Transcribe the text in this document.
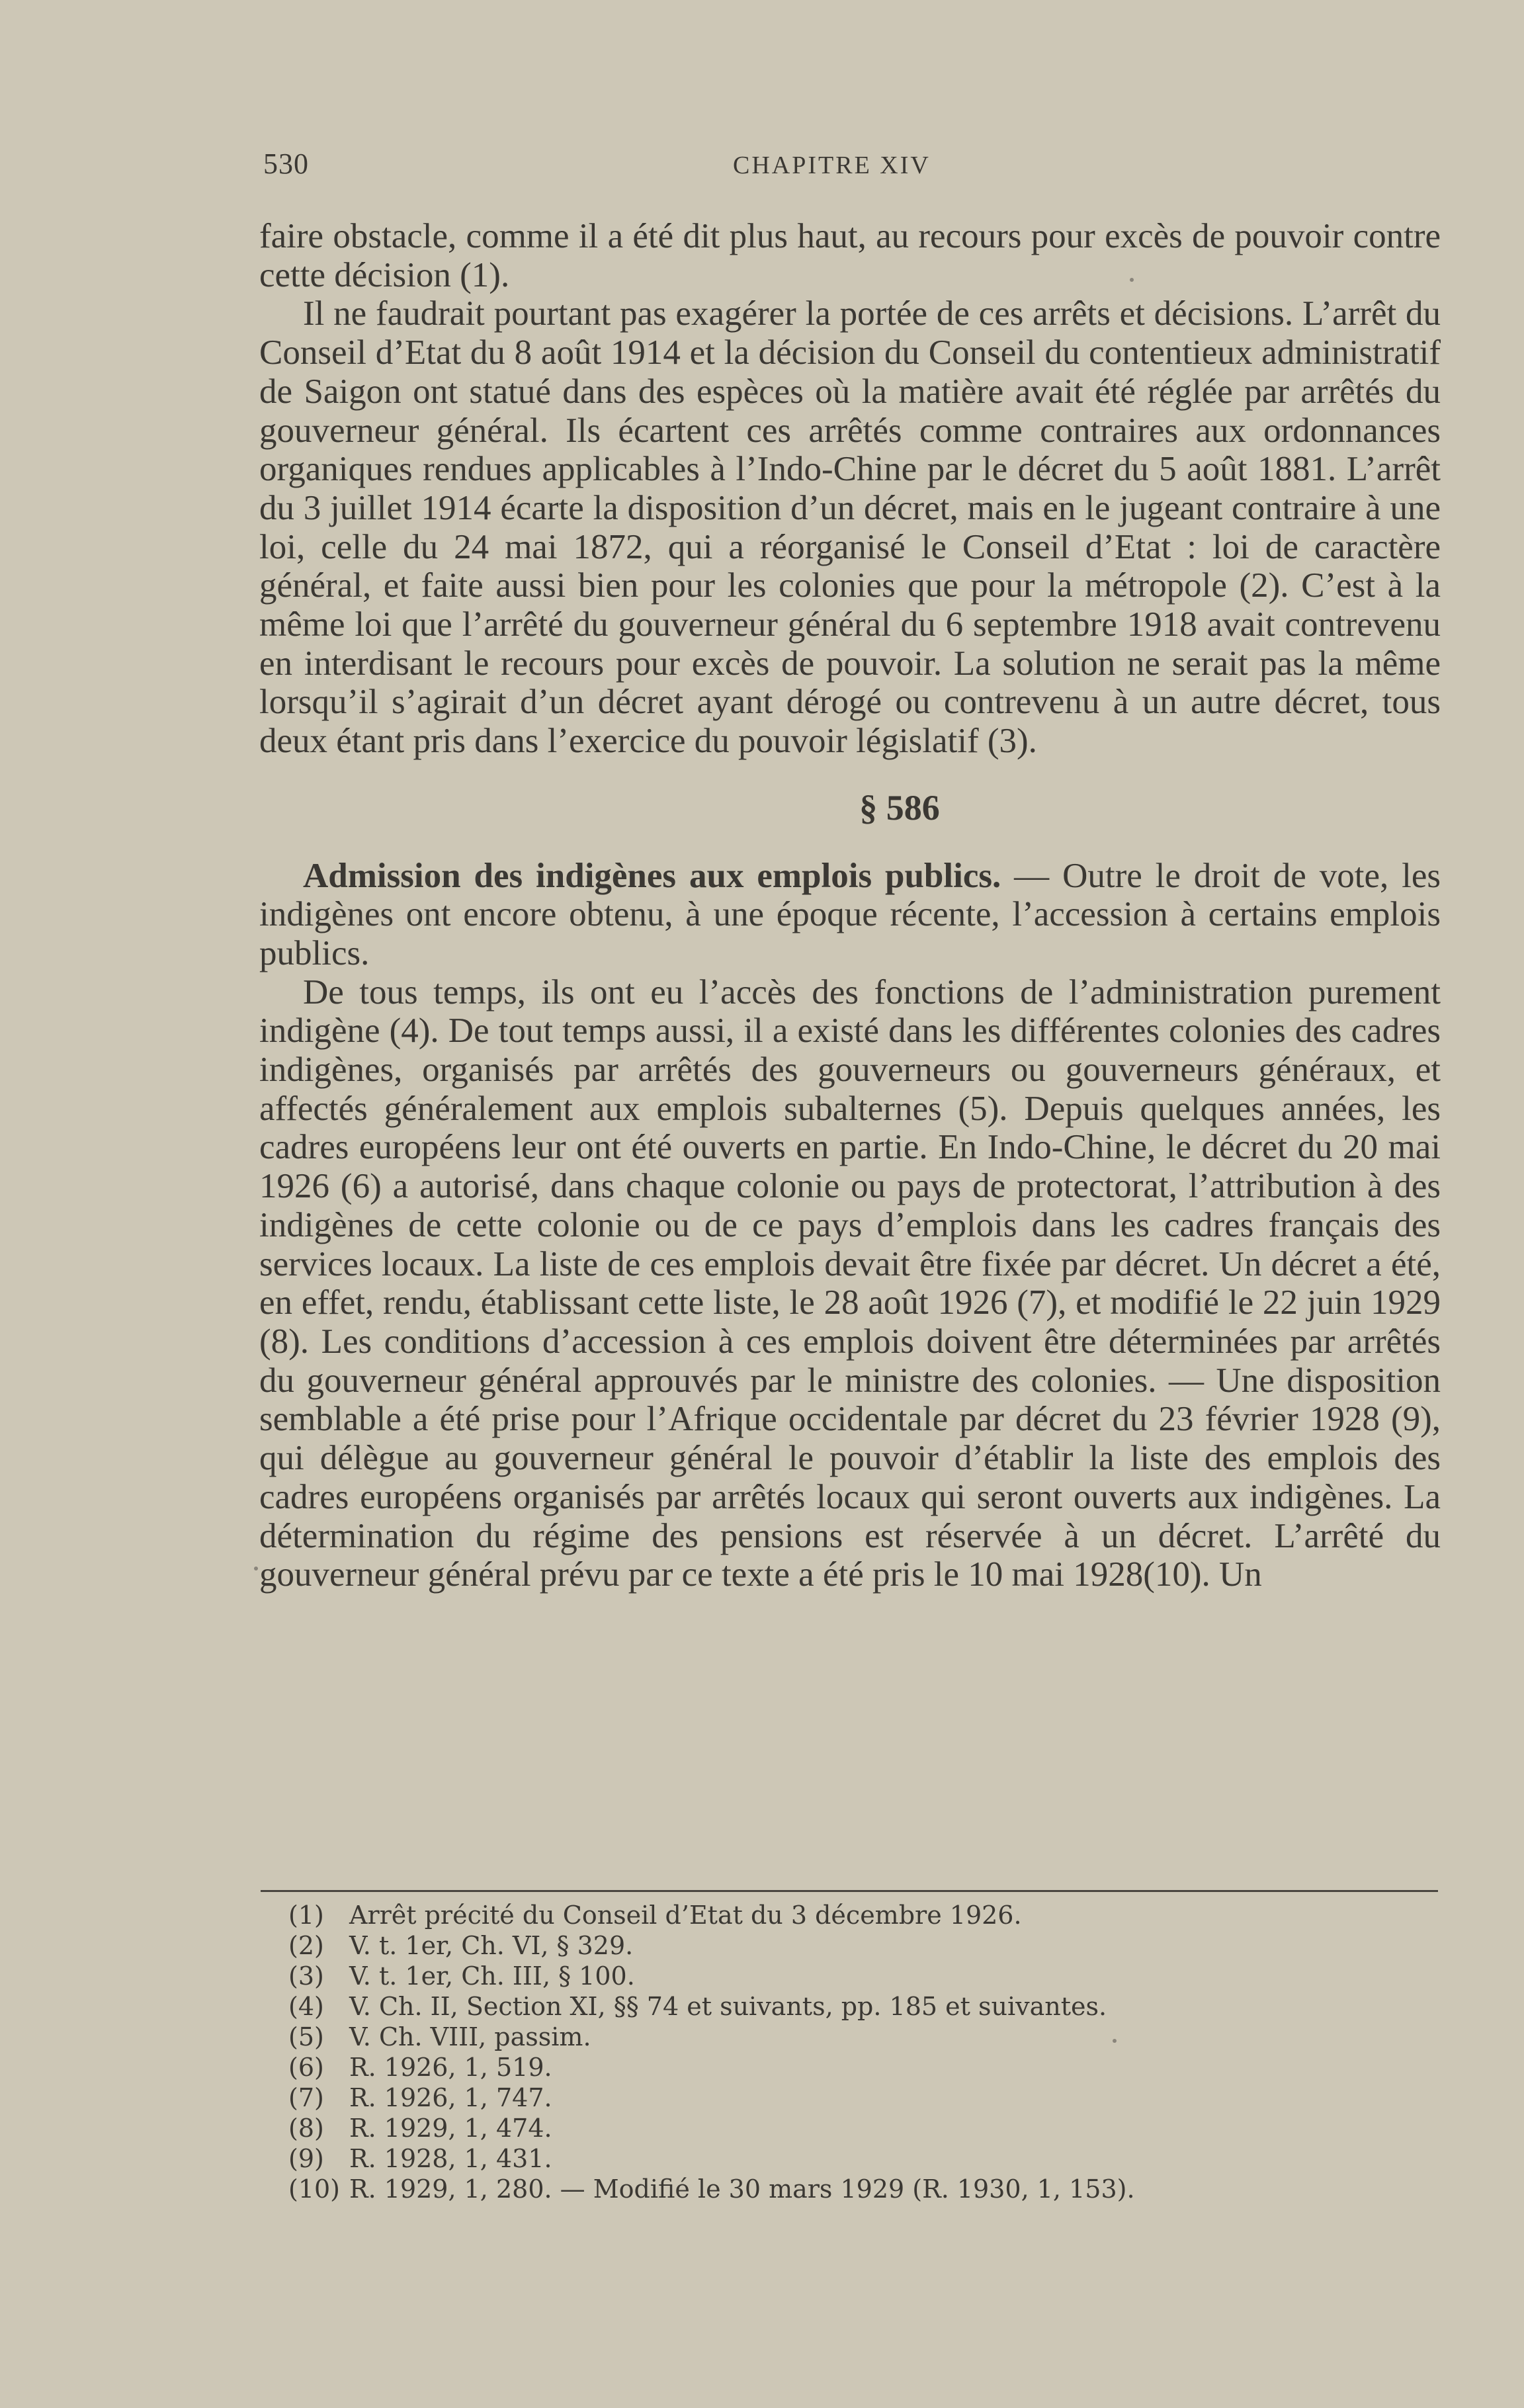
530	CHAPITRE XIV

faire obstacle, comme il a été dit plus haut, au recours pour excès de pouvoir contre cette décision (1).

Il ne faudrait pourtant pas exagérer la portée de ces arrêts et décisions. L’arrêt du Conseil d’Etat du 8 août 1914 et la décision du Conseil du contentieux administratif de Saigon ont statué dans des espèces où la matière avait été réglée par arrêtés du gouverneur général. Ils écartent ces arrêtés comme contraires aux ordonnances organiques rendues applicables à l’Indo-Chine par le décret du 5 août 1881. L’arrêt du 3 juillet 1914 écarte la disposition d’un décret, mais en le jugeant contraire à une loi, celle du 24 mai 1872, qui a réorganisé le Conseil d’Etat : loi de caractère général, et faite aussi bien pour les colonies que pour la métropole (2). C’est à la même loi que l’arrêté du gouverneur général du 6 septembre 1918 avait contrevenu en interdisant le recours pour excès de pouvoir. La solution ne serait pas la même lorsqu’il s’agirait d’un décret ayant dérogé ou contrevenu à un autre décret, tous deux étant pris dans l’exercice du pouvoir législatif (3).

§ 586

Admission des indigènes aux emplois publics. — Outre le droit de vote, les indigènes ont encore obtenu, à une époque récente, l’accession à certains emplois publics.

De tous temps, ils ont eu l’accès des fonctions de l’administration purement indigène (4). De tout temps aussi, il a existé dans les différentes colonies des cadres indigènes, organisés par arrêtés des gouverneurs ou gouverneurs généraux, et affectés généralement aux emplois subalternes (5). Depuis quelques années, les cadres européens leur ont été ouverts en partie. En Indo-Chine, le décret du 20 mai 1926 (6) a autorisé, dans chaque colonie ou pays de protectorat, l’attribution à des indigènes de cette colonie ou de ce pays d’emplois dans les cadres français des services locaux. La liste de ces emplois devait être fixée par décret. Un décret a été, en effet, rendu, établissant cette liste, le 28 août 1926 (7), et modifié le 22 juin 1929 (8). Les conditions d’accession à ces emplois doivent être déterminées par arrêtés du gouverneur général approuvés par le ministre des colonies. — Une disposition semblable a été prise pour l’Afrique occidentale par décret du 23 février 1928 (9), qui délègue au gouverneur général le pouvoir d’établir la liste des emplois des cadres européens organisés par arrêtés locaux qui seront ouverts aux indigènes. La détermination du régime des pensions est réservée à un décret. L’arrêté du gouverneur général prévu par ce texte a été pris le 10 mai 1928(10). Un

(1) Arrêt précité du Conseil d’Etat du 3 décembre 1926.
(2) V. t. 1er, Ch. VI, § 329.
(3) V. t. 1er, Ch. III, § 100.
(4) V. Ch. II, Section XI, §§ 74 et suivants, pp. 185 et suivantes.
(5) V. Ch. VIII, passim.
(6) R. 1926, 1, 519.
(7) R. 1926, 1, 747.
(8) R. 1929, 1, 474.
(9) R. 1928, 1, 431.
(10) R. 1929, 1, 280. — Modifié le 30 mars 1929 (R. 1930, 1, 153).
